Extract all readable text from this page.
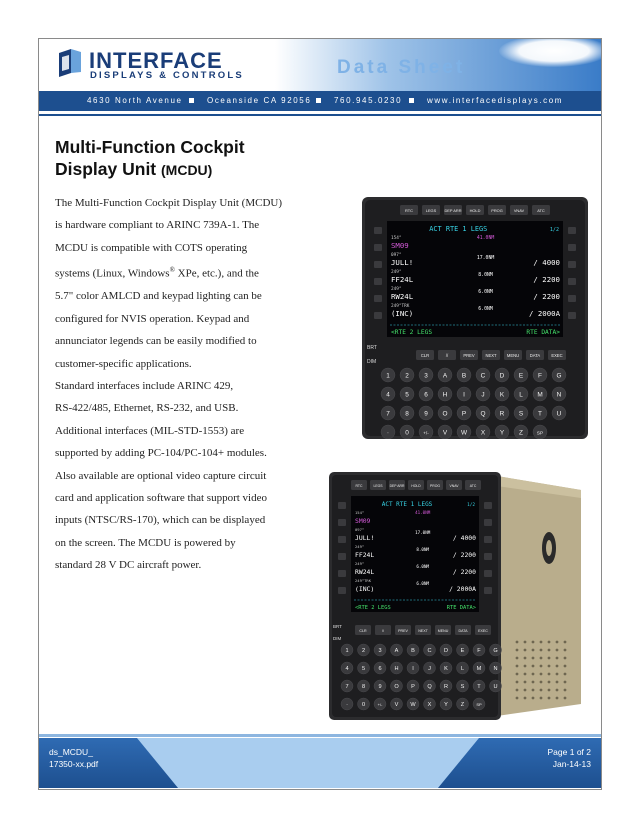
INTERFACE
DISPLAYS & CONTROLS	Data Sheet
4630 North Avenue	Oceanside CA 92056	760.945.0230	www.interfacedisplays.com
Multi-Function Cockpit
Display Unit (MCDU)
The Multi-Function Cockpit Display Unit (MCDU)
is hardware compliant to ARINC 739A-1. The
MCDU is compatible with COTS operating
systems (Linux, Windows® XPe, etc.), and the
5.7" color AMLCD and keypad lighting can be
configured for NVIS operation. Keypad and
annunciator legends can be easily modified to
customer-specific applications.
Standard interfaces include ARINC 429,
RS-422/485, Ethernet, RS-232, and USB.
Additional interfaces (MIL-STD-1553) are
supported by adding PC-104/PC-104+ modules.
Also available are optional video capture circuit
card and application software that support video
inputs (NTSC/RS-170), which can be displayed
on the screen. The MCDU is powered by
standard 28 V DC aircraft power.
RTC	LEGS DEP ARR HOLD	PROG	VNAV	ATC
ACT RTE 1 LEGS	1/2
154°
SM09
41.0NM
097°
JULL!	17.0NM	/ 4000
249°
FF24L	8.0NM	/ 2200
249°
RW24L	6.0NM	/ 2200
249°TRK
(INC)	6.0NM	/ 2000A
<RTE 2 LEGS	RTE DATA>
BRT
DIM
CLR	//	PREV	NEXT	MENU	DATA	EXEC
1 2 3 A B C D E F G
4 5 6 H I	J K L M N
7 8 9 O P Q R S T U
·	0	+/- V W X Y Z	SP
RTC	LEGS DEP ARR HOLD	PROG	VNAV	ATC
ACT RTE 1 LEGS	1/2
154°
SM09
41.0NM
097°
JULL!
17.0NM
/ 4000
249°
FF24L
8.0NM
/ 2200
249°
RW24L
6.0NM
/ 2200
249°TRK
(INC)
6.0NM
/ 2000A
<RTE 2 LEGS	RTE DATA>
BRT
DIM
CLR	//	PREV	NEXT	MENU	DATA	EXEC
1 2 3 A B C D E F G
4 5 6 H I	J K L M N
7 8 9 O P Q R S T U
·	0	+/- V W X Y Z	SP
ds_MCDU_
17350-xx.pdf
Page 1 of 2
Jan-14-13
